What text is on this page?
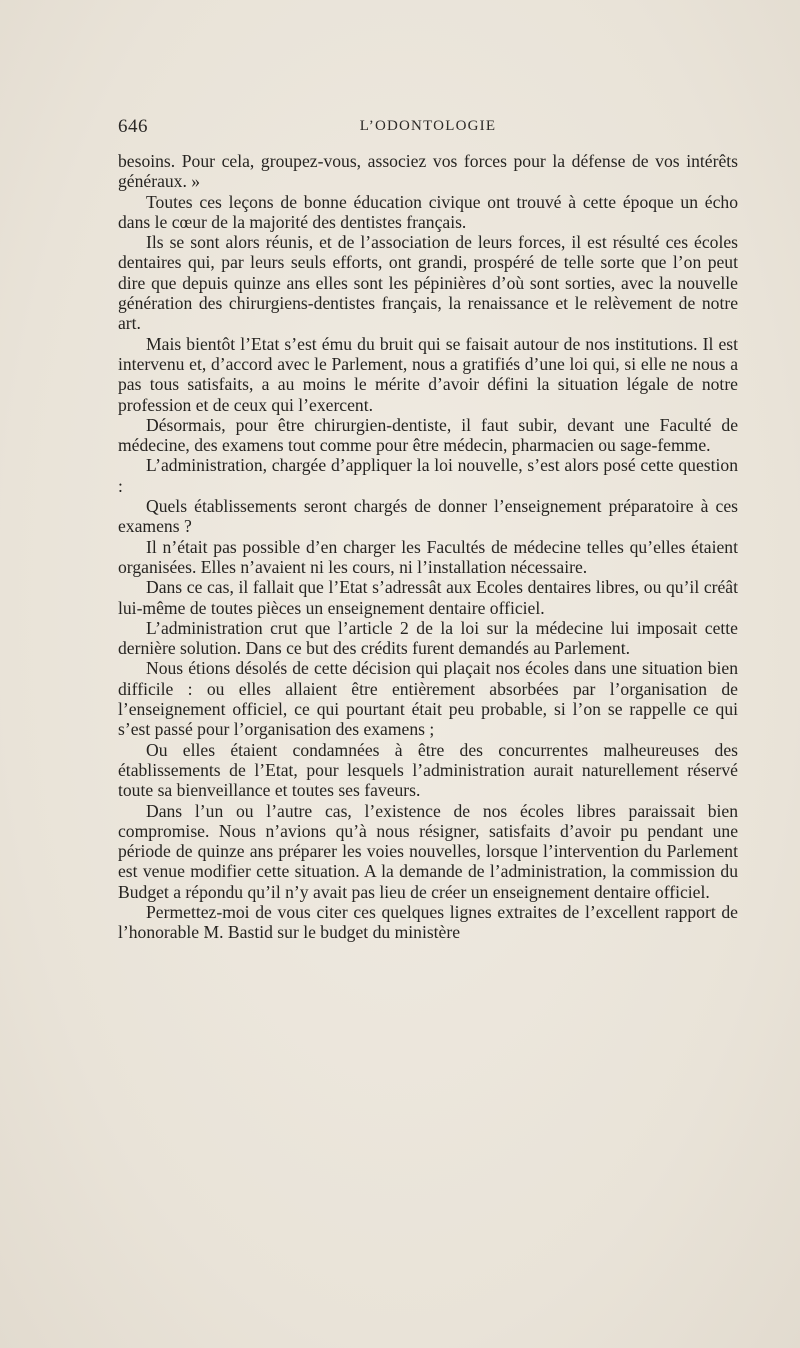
646	L’ODONTOLOGIE

besoins. Pour cela, groupez-vous, associez vos forces pour la défense de vos intérêts généraux. »

Toutes ces leçons de bonne éducation civique ont trouvé à cette époque un écho dans le cœur de la majorité des dentistes français.

Ils se sont alors réunis, et de l’association de leurs forces, il est résulté ces écoles dentaires qui, par leurs seuls efforts, ont grandi, prospéré de telle sorte que l’on peut dire que depuis quinze ans elles sont les pépinières d’où sont sorties, avec la nouvelle génération des chirurgiens-dentistes français, la renaissance et le relèvement de notre art.

Mais bientôt l’Etat s’est ému du bruit qui se faisait autour de nos institutions. Il est intervenu et, d’accord avec le Parlement, nous a gratifiés d’une loi qui, si elle ne nous a pas tous satisfaits, a au moins le mérite d’avoir défini la situation légale de notre profession et de ceux qui l’exercent.

Désormais, pour être chirurgien-dentiste, il faut subir, devant une Faculté de médecine, des examens tout comme pour être médecin, pharmacien ou sage-femme.

L’administration, chargée d’appliquer la loi nouvelle, s’est alors posé cette question :

Quels établissements seront chargés de donner l’enseignement préparatoire à ces examens ?

Il n’était pas possible d’en charger les Facultés de médecine telles qu’elles étaient organisées. Elles n’avaient ni les cours, ni l’installation nécessaire.

Dans ce cas, il fallait que l’Etat s’adressât aux Ecoles dentaires libres, ou qu’il créât lui-même de toutes pièces un enseignement dentaire officiel.

L’administration crut que l’article 2 de la loi sur la médecine lui imposait cette dernière solution. Dans ce but des crédits furent demandés au Parlement.

Nous étions désolés de cette décision qui plaçait nos écoles dans une situation bien difficile : ou elles allaient être entièrement absorbées par l’organisation de l’enseignement officiel, ce qui pourtant était peu probable, si l’on se rappelle ce qui s’est passé pour l’organisation des examens ;

Ou elles étaient condamnées à être des concurrentes malheureuses des établissements de l’Etat, pour lesquels l’administration aurait naturellement réservé toute sa bienveillance et toutes ses faveurs.

Dans l’un ou l’autre cas, l’existence de nos écoles libres paraissait bien compromise. Nous n’avions qu’à nous résigner, satisfaits d’avoir pu pendant une période de quinze ans préparer les voies nouvelles, lorsque l’intervention du Parlement est venue modifier cette situation. A la demande de l’administration, la commission du Budget a répondu qu’il n’y avait pas lieu de créer un enseignement dentaire officiel.

Permettez-moi de vous citer ces quelques lignes extraites de l’excellent rapport de l’honorable M. Bastid sur le budget du ministère
